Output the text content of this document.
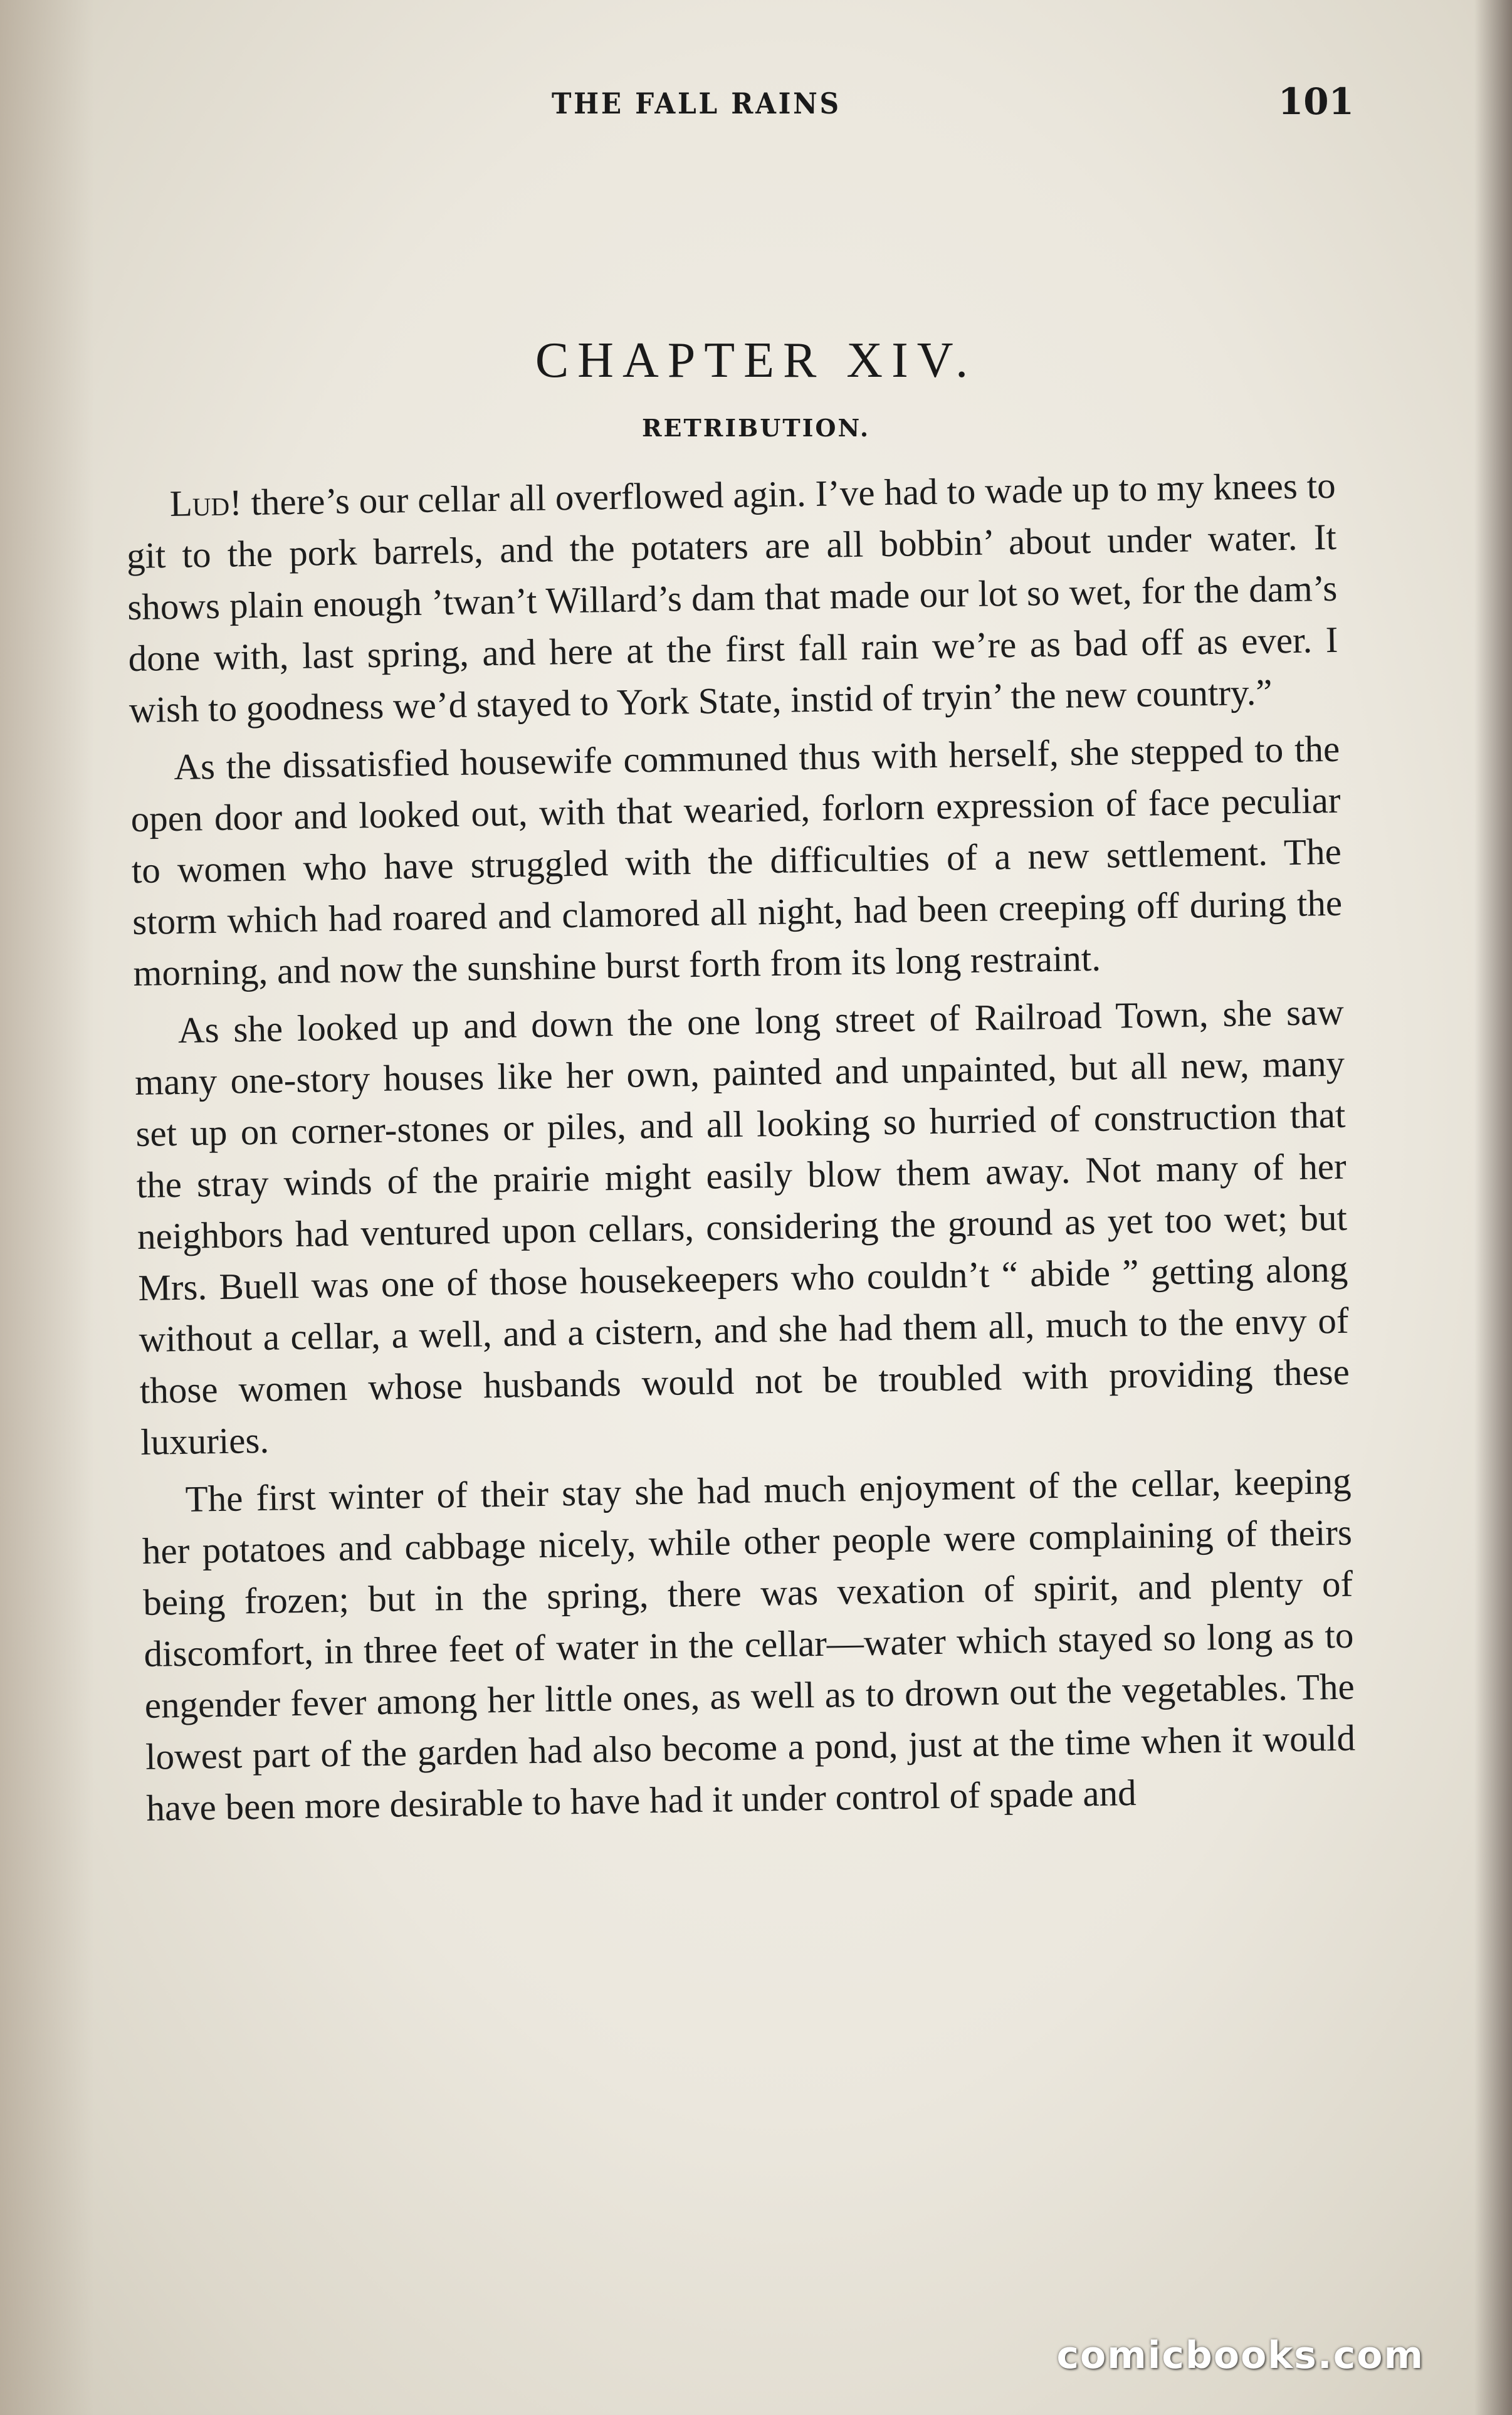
THE FALL RAINS	101
CHAPTER XIV.
RETRIBUTION.

Lud! there’s our cellar all overflowed agin. I’ve had to wade up to my knees to git to the pork barrels, and the potaters are all bobbin’ about under water. It shows plain enough ’twan’t Willard’s dam that made our lot so wet, for the dam’s done with, last spring, and here at the first fall rain we’re as bad off as ever. I wish to goodness we’d stayed to York State, instid of tryin’ the new country.”

As the dissatisfied housewife communed thus with herself, she stepped to the open door and looked out, with that wearied, forlorn expression of face peculiar to women who have struggled with the difficulties of a new settlement. The storm which had roared and clamored all night, had been creeping off during the morning, and now the sunshine burst forth from its long restraint.

As she looked up and down the one long street of Railroad Town, she saw many one-story houses like her own, painted and unpainted, but all new, many set up on corner-stones or piles, and all looking so hurried of construction that the stray winds of the prairie might easily blow them away. Not many of her neighbors had ventured upon cellars, considering the ground as yet too wet; but Mrs. Buell was one of those housekeepers who couldn’t “ abide ” getting along without a cellar, a well, and a cistern, and she had them all, much to the envy of those women whose husbands would not be troubled with providing these luxuries.

The first winter of their stay she had much enjoyment of the cellar, keeping her potatoes and cabbage nicely, while other people were complaining of theirs being frozen; but in the spring, there was vexation of spirit, and plenty of discomfort, in three feet of water in the cellar—water which stayed so long as to engender fever among her little ones, as well as to drown out the vegetables. The lowest part of the garden had also become a pond, just at the time when it would have been more desirable to have had it under control of spade and

comicbooks.com
